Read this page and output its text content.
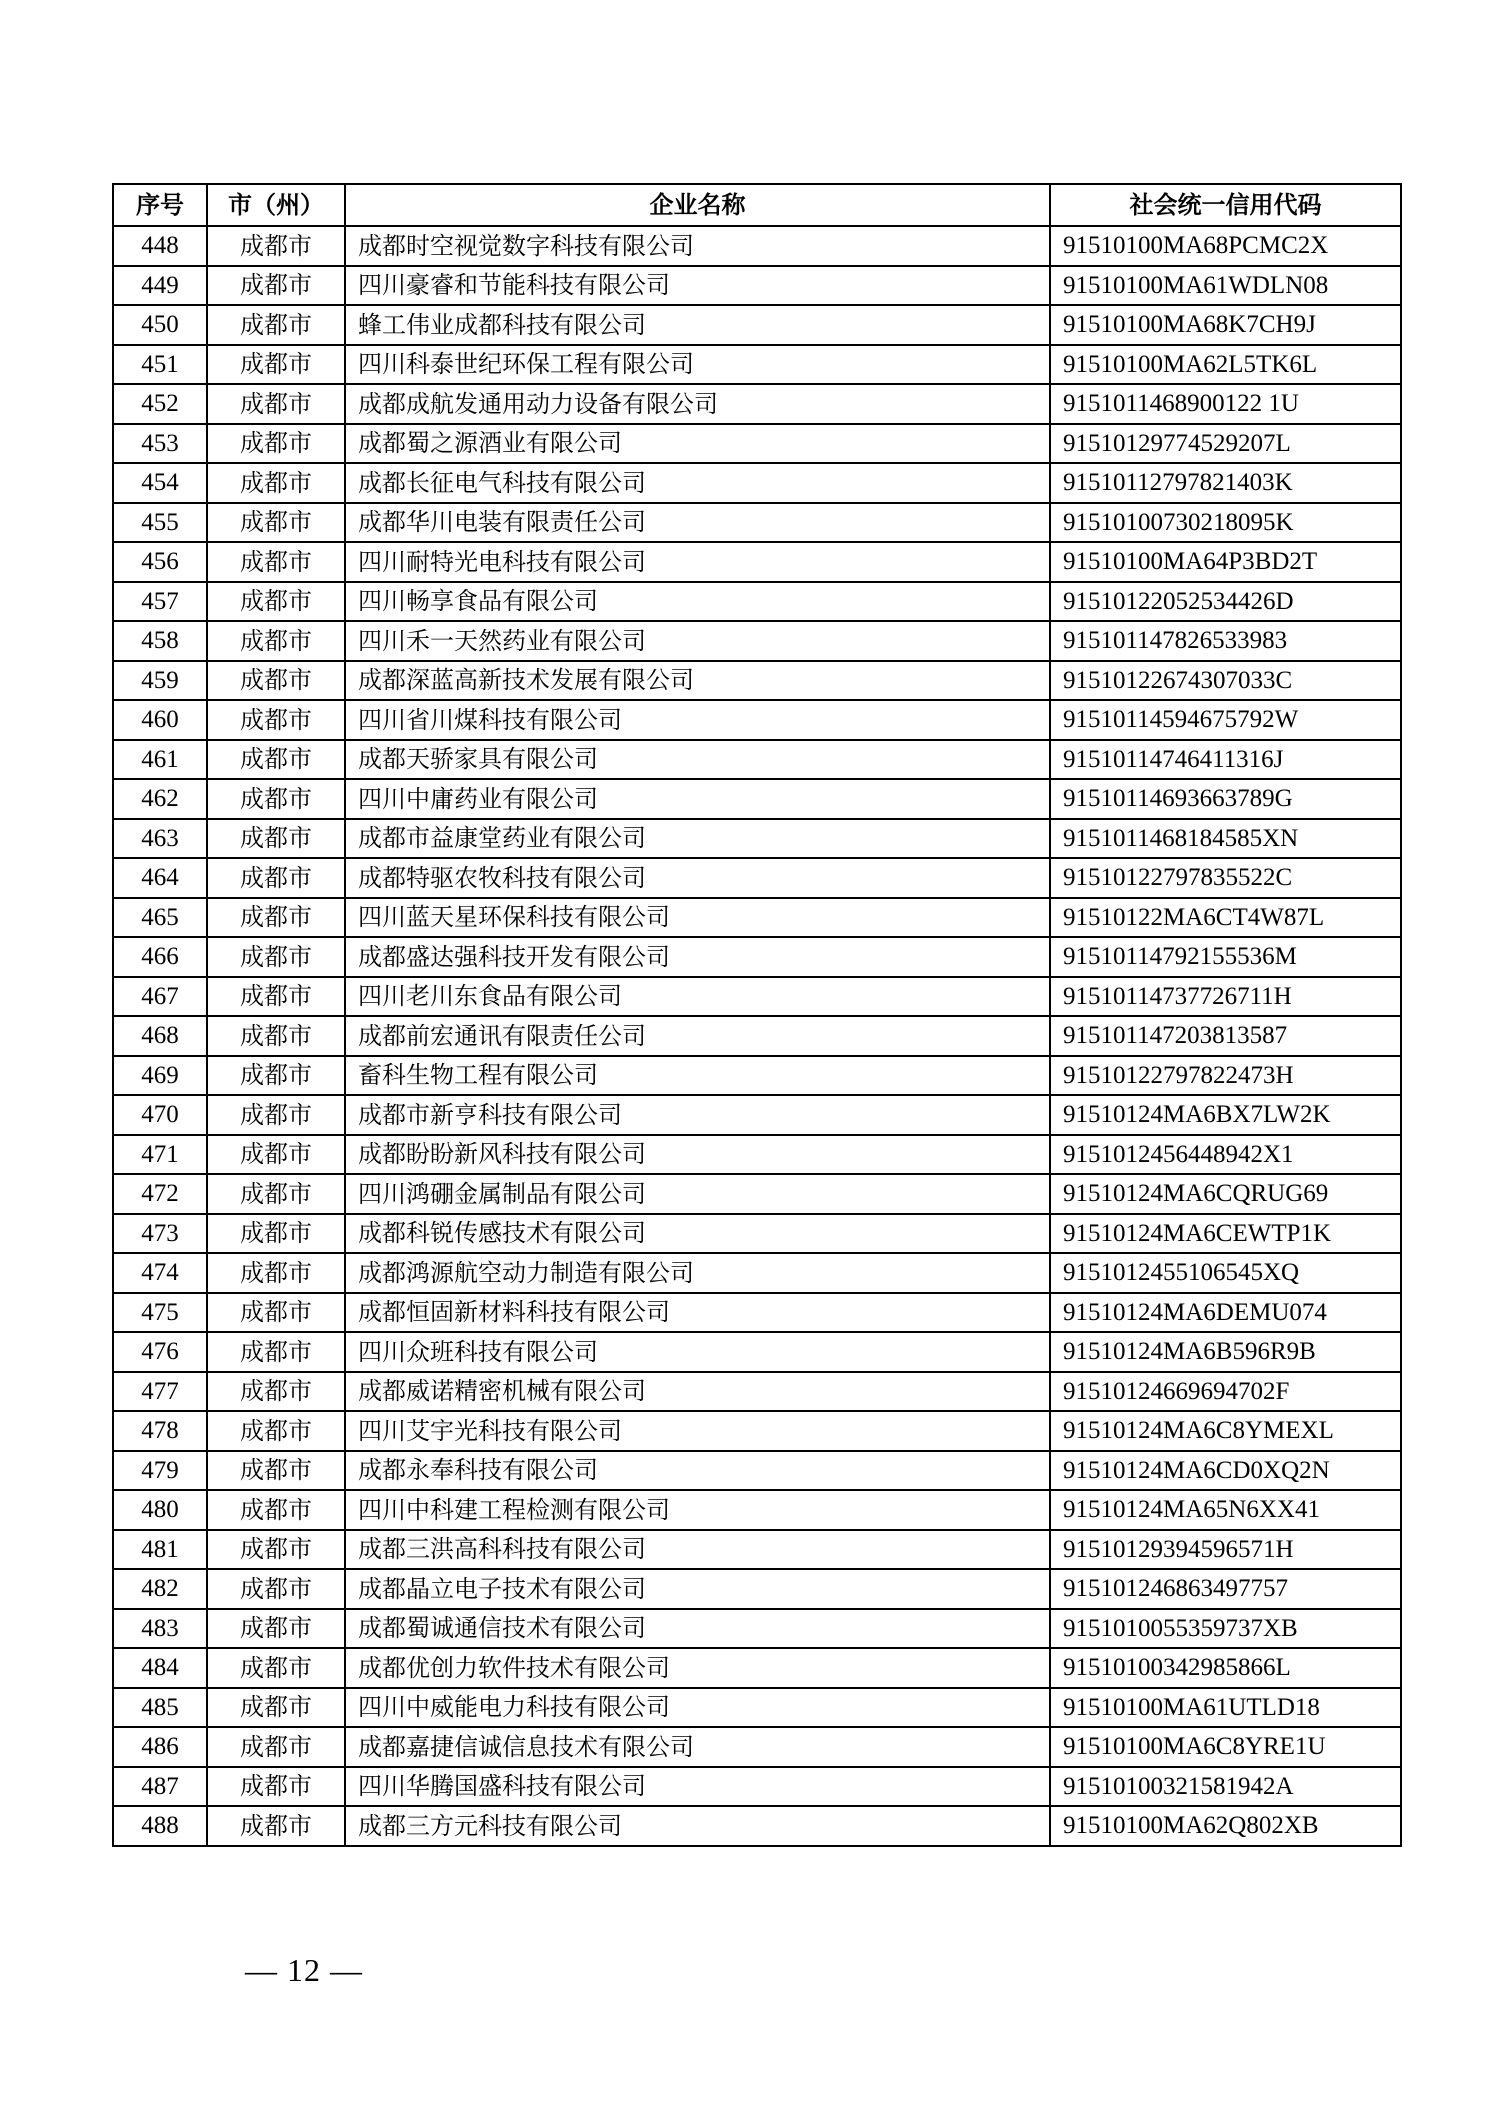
序号	市（州）	企业名称	社会统一信用代码
448	成都市	成都时空视觉数字科技有限公司	91510100MA68PCMC2X
449	成都市	四川豪睿和节能科技有限公司	91510100MA61WDLN08
450	成都市	蜂工伟业成都科技有限公司	91510100MA68K7CH9J
451	成都市	四川科泰世纪环保工程有限公司	91510100MA62L5TK6L
452	成都市	成都成航发通用动力设备有限公司	9151011468900122 1U
453	成都市	成都蜀之源酒业有限公司	91510129774529207L
454	成都市	成都长征电气科技有限公司	91510112797821403K
455	成都市	成都华川电装有限责任公司	91510100730218095K
456	成都市	四川耐特光电科技有限公司	91510100MA64P3BD2T
457	成都市	四川畅享食品有限公司	91510122052534426D
458	成都市	四川禾一天然药业有限公司	915101147826533983
459	成都市	成都深蓝高新技术发展有限公司	91510122674307033C
460	成都市	四川省川煤科技有限公司	91510114594675792W
461	成都市	成都天骄家具有限公司	91510114746411316J
462	成都市	四川中庸药业有限公司	91510114693663789G
463	成都市	成都市益康堂药业有限公司	9151011468184585XN
464	成都市	成都特驱农牧科技有限公司	91510122797835522C
465	成都市	四川蓝天星环保科技有限公司	91510122MA6CT4W87L
466	成都市	成都盛达强科技开发有限公司	91510114792155536M
467	成都市	四川老川东食品有限公司	91510114737726711H
468	成都市	成都前宏通讯有限责任公司	915101147203813587
469	成都市	畜科生物工程有限公司	91510122797822473H
470	成都市	成都市新亨科技有限公司	91510124MA6BX7LW2K
471	成都市	成都盼盼新风科技有限公司	9151012456448942X1
472	成都市	四川鸿硼金属制品有限公司	91510124MA6CQRUG69
473	成都市	成都科锐传感技术有限公司	91510124MA6CEWTP1K
474	成都市	成都鸿源航空动力制造有限公司	9151012455106545XQ
475	成都市	成都恒固新材料科技有限公司	91510124MA6DEMU074
476	成都市	四川众班科技有限公司	91510124MA6B596R9B
477	成都市	成都威诺精密机械有限公司	91510124669694702F
478	成都市	四川艾宇光科技有限公司	91510124MA6C8YMEXL
479	成都市	成都永奉科技有限公司	91510124MA6CD0XQ2N
480	成都市	四川中科建工程检测有限公司	91510124MA65N6XX41
481	成都市	成都三洪高科科技有限公司	91510129394596571H
482	成都市	成都晶立电子技术有限公司	915101246863497757
483	成都市	成都蜀诚通信技术有限公司	9151010055359737XB
484	成都市	成都优创力软件技术有限公司	91510100342985866L
485	成都市	四川中威能电力科技有限公司	91510100MA61UTLD18
486	成都市	成都嘉捷信诚信息技术有限公司	91510100MA6C8YRE1U
487	成都市	四川华腾国盛科技有限公司	91510100321581942A
488	成都市	成都三方元科技有限公司	91510100MA62Q802XB
— 12 —
